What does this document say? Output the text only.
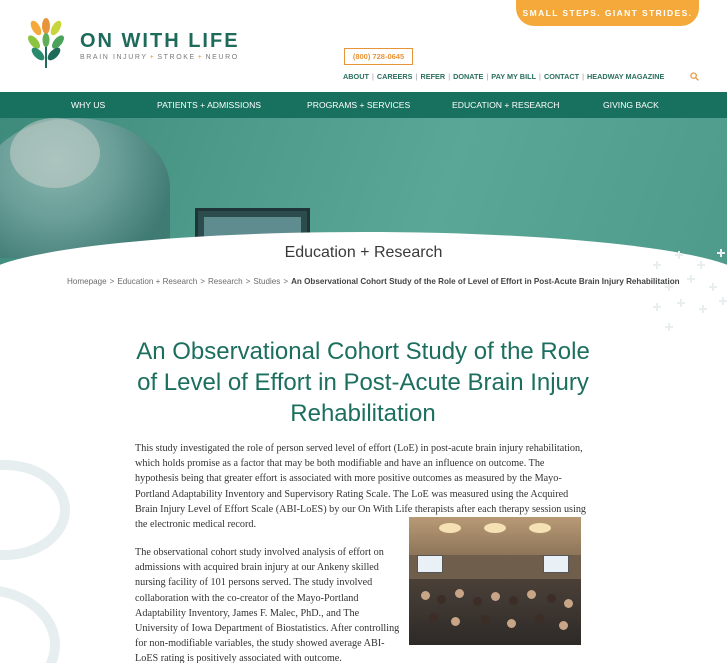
ON WITH LIFE
BRAIN INJURY + STROKE + NEURO
SMALL STEPS. GIANT STRIDES.
(800) 728-0645
ABOUT | CAREERS | REFER | DONATE | PAY MY BILL | CONTACT | HEADWAY MAGAZINE
WHY US	PATIENTS + ADMISSIONS	PROGRAMS + SERVICES	EDUCATION + RESEARCH	GIVING BACK
Education + Research
Homepage > Education + Research > Research > Studies > An Observational Cohort Study of the Role of Level of Effort in Post-Acute Brain Injury Rehabilitation
An Observational Cohort Study of the Role of Level of Effort in Post-Acute Brain Injury Rehabilitation

This study investigated the role of person served level of effort (LoE) in post-acute brain injury rehabilitation, which holds promise as a factor that may be both modifiable and have an influence on outcome. The hypothesis being that greater effort is associated with more positive outcomes as measured by the Mayo-Portland Adaptability Inventory and Supervisory Rating Scale. The LoE was measured using the Acquired Brain Injury Level of Effort Scale (ABI-LoES) by our On With Life therapists after each therapy session using the electronic medical record.

The observational cohort study involved analysis of effort on admissions with acquired brain injury at our Ankeny skilled nursing facility of 101 persons served. The study involved collaboration with the co-creator of the Mayo-Portland Adaptability Inventory, James F. Malec, PhD., and The University of Iowa Department of Biostatistics. After controlling for non-modifiable variables, the study showed average ABI-LoES rating is positively associated with outcome.
